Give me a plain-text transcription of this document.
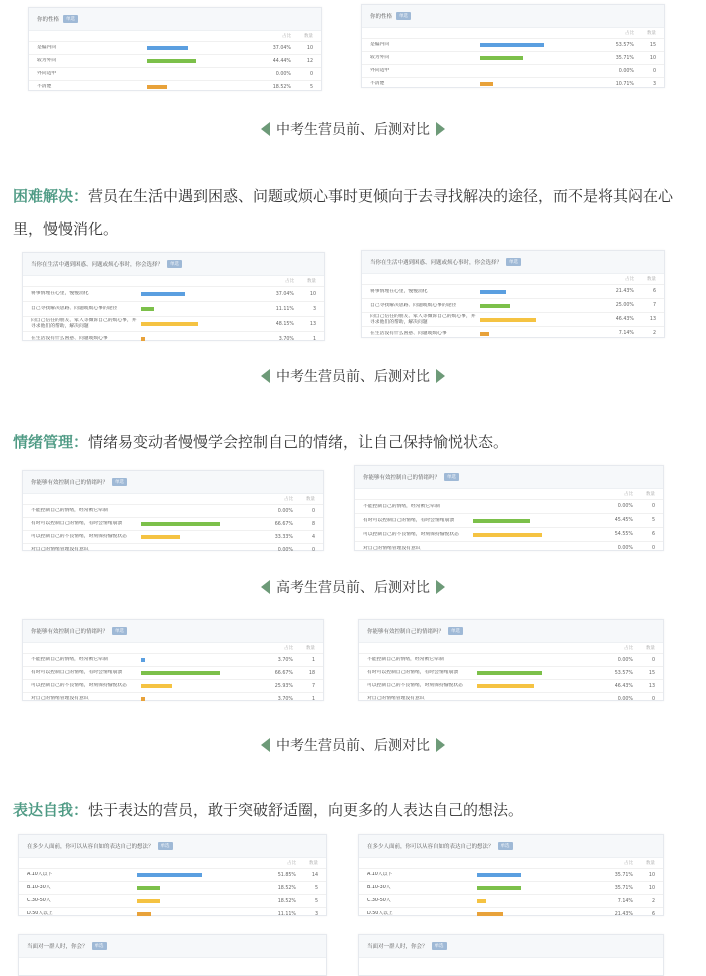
你的性格	单选
占比	数量
是偏内向	37.04%	10
较为外向	44.44%	12
外向适中	0.00%	0
不清楚	18.52%	5
你的性格	单选
占比	数量
是偏内向	53.57%	15
较为外向	35.71%	10
外向适中	0.00%	0
不清楚	10.71%	3
中考生营员前、后测对比
困难解决：营员在生活中遇到困惑、问题或烦心事时更倾向于去寻找解决的途径，而不是将其闷在心里，慢慢消化。
当你在生活中遇到困惑、问题或烦心事时，你会选择？	单选
占比	数量
将事情埋在心里，慢慢消化	37.04%	10
自己寻找解决思路、问题或烦心事的途径	11.11%	3
向自己信任的朋友、家人等倾诉自己的烦心事，并寻求他们的帮助，解决问题	48.15%	13
在生活没有什么困惑、问题或烦心事	3.70%	1
当你在生活中遇到困惑、问题或烦心事时，你会选择？	单选
占比	数量
将事情埋在心里，慢慢消化	21.43%	6
自己寻找解决思路、问题或烦心事的途径	25.00%	7
向自己信任的朋友、家人等倾诉自己的烦心事，并寻求他们的帮助，解决问题	46.43%	13
在生活没有什么困惑、问题或烦心事	7.14%	2
中考生营员前、后测对比
情绪管理：情绪易变动者慢慢学会控制自己的情绪，让自己保持愉悦状态。
你能够有效控制自己的情绪吗？	单选
占比	数量
不能控制自己的情绪，经常被它牵制	0.00%	0
有时可以控制自己的情绪，有时会情绪崩溃	66.67%	8
可以控制自己的不良情绪，时刻保持愉悦状态	33.33%	4
对自己的情绪管理没有意识	0.00%	0
你能够有效控制自己的情绪吗？	单选
占比	数量
不能控制自己的情绪，经常被它牵制	0.00%	0
有时可以控制自己的情绪，有时会情绪崩溃	45.45%	5
可以控制自己的不良情绪，时刻保持愉悦状态	54.55%	6
对自己的情绪管理没有意识	0.00%	0
高考生营员前、后测对比
你能够有效控制自己的情绪吗？	单选
占比	数量
不能控制自己的情绪，经常被它牵制	3.70%	1
有时可以控制自己的情绪，有时会情绪崩溃	66.67%	18
可以控制自己的不良情绪，时刻保持愉悦状态	25.93%	7
对自己的情绪管理没有意识	3.70%	1
你能够有效控制自己的情绪吗？	单选
占比	数量
不能控制自己的情绪，经常被它牵制	0.00%	0
有时可以控制自己的情绪，有时会情绪崩溃	53.57%	15
可以控制自己的不良情绪，时刻保持愉悦状态	46.43%	13
对自己的情绪管理没有意识	0.00%	0
中考生营员前、后测对比
表达自我：怯于表达的营员，敢于突破舒适圈，向更多的人表达自己的想法。
在多少人面前，你可以从容自如的表达自己的想法？	单选
占比	数量
A.10人以下	51.85%	14
B.10-30人	18.52%	5
C.30-50人	18.52%	5
D.50人以上	11.11%	3
在多少人面前，你可以从容自如的表达自己的想法？	单选
占比	数量
A.10人以下	35.71%	10
B.10-30人	35.71%	10
C.30-50人	7.14%	2
D.50人以上	21.43%	6
当面对一群人时，你会？	单选	当面对一群人时，你会？	单选
